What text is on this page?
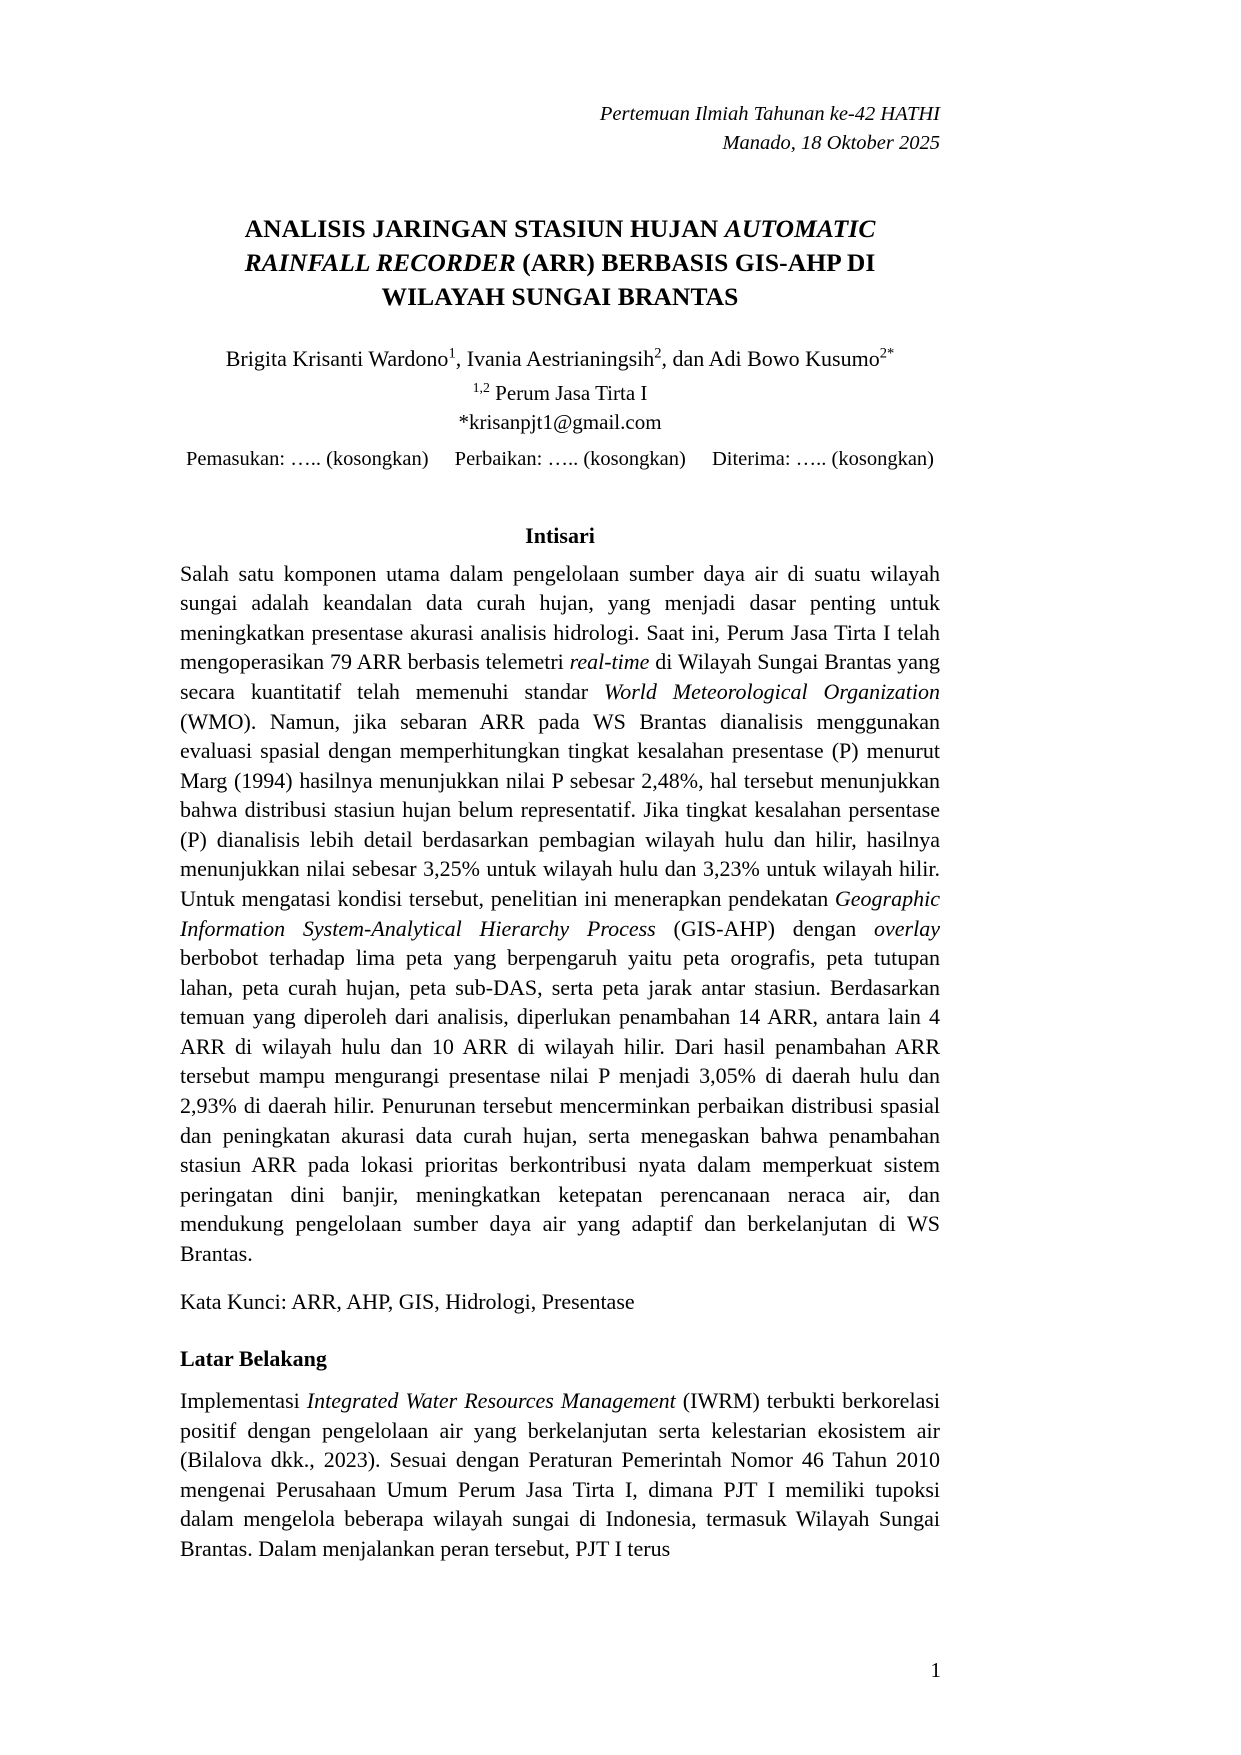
Pertemuan Ilmiah Tahunan ke-42 HATHI
Manado, 18 Oktober 2025
ANALISIS JARINGAN STASIUN HUJAN AUTOMATIC RAINFALL RECORDER (ARR) BERBASIS GIS-AHP DI WILAYAH SUNGAI BRANTAS
Brigita Krisanti Wardono$^1$, Ivania Aestrianingsih$^2$, dan Adi Bowo Kusumo$^{2*}$
$^{1,2}$ Perum Jasa Tirta I
*krisanpjt1@gmail.com
Pemasukan: ….. (kosongkan) Perbaikan: ….. (kosongkan) Diterima: ….. (kosongkan)
Intisari

Salah satu komponen utama dalam pengelolaan sumber daya air di suatu wilayah sungai adalah keandalan data curah hujan, yang menjadi dasar penting untuk meningkatkan presentase akurasi analisis hidrologi. Saat ini, Perum Jasa Tirta I telah mengoperasikan 79 ARR berbasis telemetri real-time di Wilayah Sungai Brantas yang secara kuantitatif telah memenuhi standar World Meteorological Organization (WMO). Namun, jika sebaran ARR pada WS Brantas dianalisis menggunakan evaluasi spasial dengan memperhitungkan tingkat kesalahan presentase (P) menurut Marg (1994) hasilnya menunjukkan nilai P sebesar 2,48%, hal tersebut menunjukkan bahwa distribusi stasiun hujan belum representatif. Jika tingkat kesalahan persentase (P) dianalisis lebih detail berdasarkan pembagian wilayah hulu dan hilir, hasilnya menunjukkan nilai sebesar 3,25% untuk wilayah hulu dan 3,23% untuk wilayah hilir. Untuk mengatasi kondisi tersebut, penelitian ini menerapkan pendekatan Geographic Information System-Analytical Hierarchy Process (GIS-AHP) dengan overlay berbobot terhadap lima peta yang berpengaruh yaitu peta orografis, peta tutupan lahan, peta curah hujan, peta sub-DAS, serta peta jarak antar stasiun. Berdasarkan temuan yang diperoleh dari analisis, diperlukan penambahan 14 ARR, antara lain 4 ARR di wilayah hulu dan 10 ARR di wilayah hilir. Dari hasil penambahan ARR tersebut mampu mengurangi presentase nilai P menjadi 3,05% di daerah hulu dan 2,93% di daerah hilir. Penurunan tersebut mencerminkan perbaikan distribusi spasial dan peningkatan akurasi data curah hujan, serta menegaskan bahwa penambahan stasiun ARR pada lokasi prioritas berkontribusi nyata dalam memperkuat sistem peringatan dini banjir, meningkatkan ketepatan perencanaan neraca air, dan mendukung pengelolaan sumber daya air yang adaptif dan berkelanjutan di WS Brantas.

Kata Kunci: ARR, AHP, GIS, Hidrologi, Presentase

Latar Belakang

Implementasi Integrated Water Resources Management (IWRM) terbukti berkorelasi positif dengan pengelolaan air yang berkelanjutan serta kelestarian ekosistem air (Bilalova dkk., 2023). Sesuai dengan Peraturan Pemerintah Nomor 46 Tahun 2010 mengenai Perusahaan Umum Perum Jasa Tirta I, dimana PJT I memiliki tupoksi dalam mengelola beberapa wilayah sungai di Indonesia, termasuk Wilayah Sungai Brantas. Dalam menjalankan peran tersebut, PJT I terus

1
